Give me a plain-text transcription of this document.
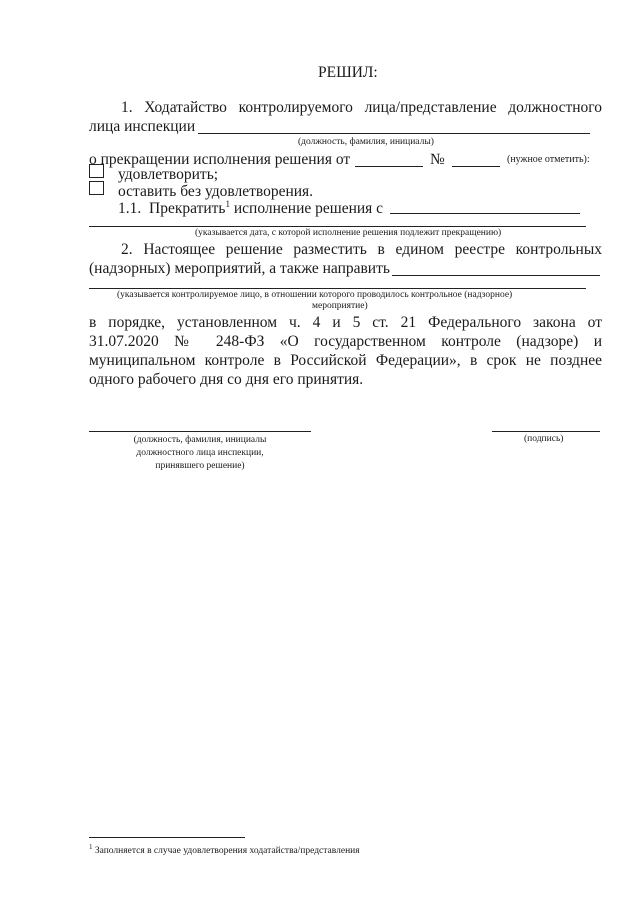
РЕШИЛ:
1. Ходатайство контролируемого лица/представление должностного
лица инспекции
(должность, фамилия, инициалы)
о прекращении исполнения решения от	№	(нужное отметить):
удовлетворить;
оставить без удовлетворения.
1.1. Прекратить$^1$ исполнение решения с
(указывается дата, с которой исполнение решения подлежит прекращению)
2. Настоящее решение разместить в едином реестре контрольных
(надзорных) мероприятий, а также направить
(указывается контролируемое лицо, в отношении которого проводилось контрольное (надзорное)
мероприятие)
в порядке, установленном ч. 4 и 5 ст. 21 Федерального закона от
31.07.2020 № 248-ФЗ «О государственном контроле (надзоре) и
муниципальном контроле в Российской Федерации», в срок не позднее
одного рабочего дня со дня его принятия.
(должность, фамилия, инициалы
должностного лица инспекции,
принявшего решение)
(подпись)
$^1$ Заполняется в случае удовлетворения ходатайства/представления
